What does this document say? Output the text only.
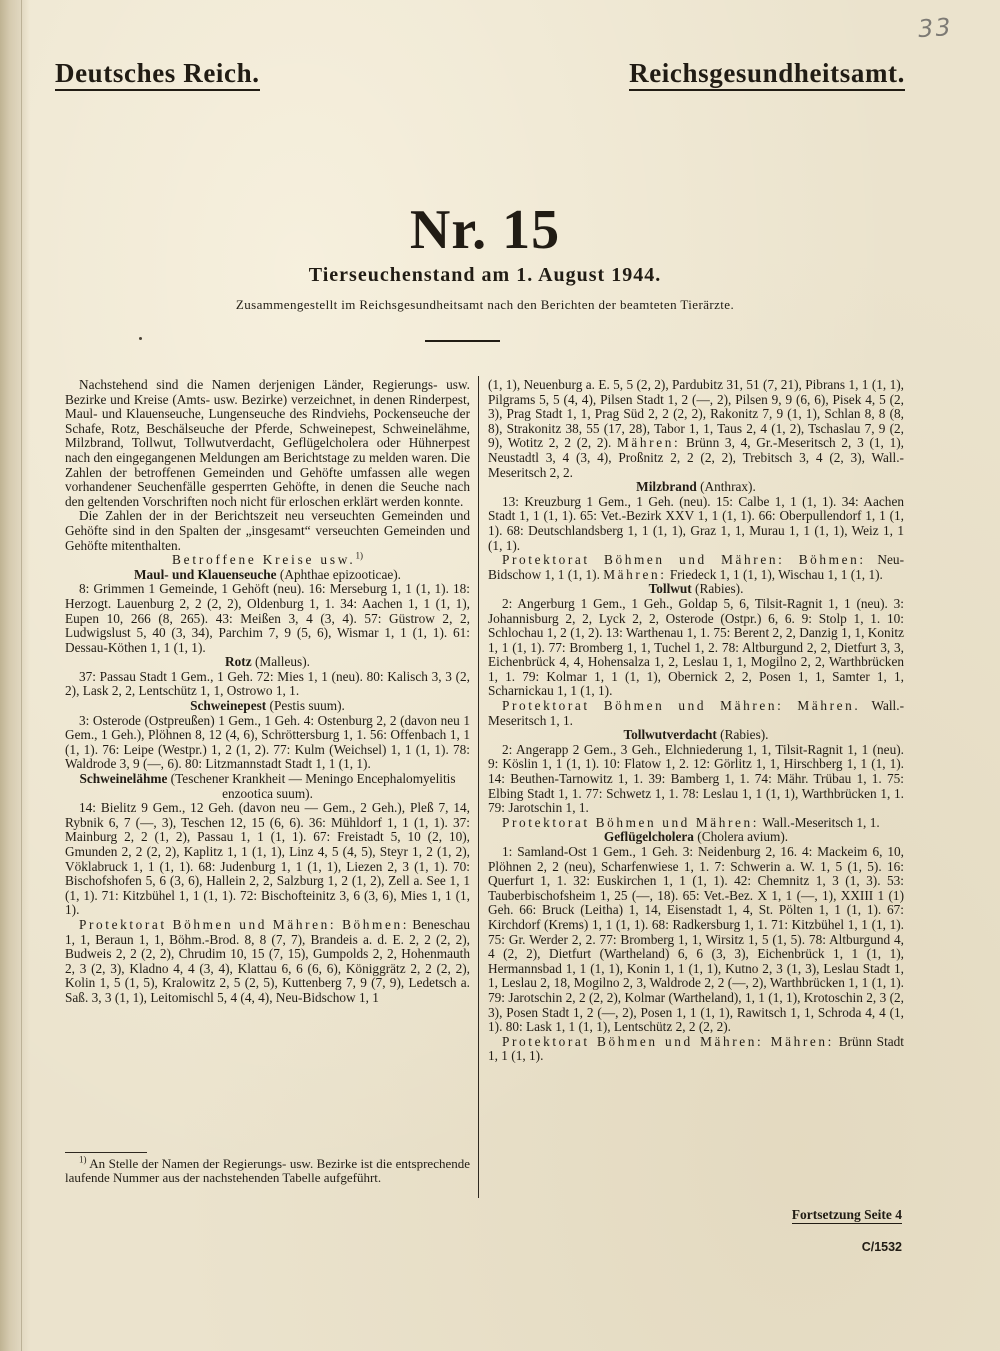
33
Deutsches Reich.	Reichsgesundheitsamt.
Nr. 15
Tierseuchenstand am 1. August 1944.
Zusammengestellt im Reichsgesundheitsamt nach den Berichten der beamteten Tierärzte.

Nachstehend sind die Namen derjenigen Länder, Regierungs- usw. Bezirke und Kreise (Amts- usw. Bezirke) verzeichnet, in denen Rinderpest, Maul- und Klauenseuche, Lungenseuche des Rindviehs, Pockenseuche der Schafe, Rotz, Beschälseuche der Pferde, Schweinepest, Schweinelähme, Milzbrand, Tollwut, Tollwutverdacht, Geflügelcholera oder Hühnerpest nach den eingegangenen Meldungen am Berichtstage zu melden waren. Die Zahlen der betroffenen Gemeinden und Gehöfte umfassen alle wegen vorhandener Seuchenfälle gesperrten Gehöfte, in denen die Seuche nach den geltenden Vorschriften noch nicht für erloschen erklärt werden konnte.

Die Zahlen der in der Berichtszeit neu verseuchten Gemeinden und Gehöfte sind in den Spalten der „insgesamt“ verseuchten Gemeinden und Gehöfte mitenthalten.

Betroffene Kreise usw.$^{1)}$

Maul- und Klauenseuche (Aphthae epizooticae).

8: Grimmen 1 Gemeinde, 1 Gehöft (neu). 16: Merseburg 1, 1 (1, 1). 18: Herzogt. Lauenburg 2, 2 (2, 2), Oldenburg 1, 1. 34: Aachen 1, 1 (1, 1), Eupen 10, 266 (8, 265). 43: Meißen 3, 4 (3, 4). 57: Güstrow 2, 2, Ludwigslust 5, 40 (3, 34), Parchim 7, 9 (5, 6), Wismar 1, 1 (1, 1). 61: Dessau-Köthen 1, 1 (1, 1).

Rotz (Malleus).

37: Passau Stadt 1 Gem., 1 Geh. 72: Mies 1, 1 (neu). 80: Kalisch 3, 3 (2, 2), Lask 2, 2, Lentschütz 1, 1, Ostrowo 1, 1.

Schweinepest (Pestis suum).

3: Osterode (Ostpreußen) 1 Gem., 1 Geh. 4: Ostenburg 2, 2 (davon neu 1 Gem., 1 Geh.), Plöhnen 8, 12 (4, 6), Schröttersburg 1, 1. 56: Offenbach 1, 1 (1, 1). 76: Leipe (Westpr.) 1, 2 (1, 2). 77: Kulm (Weichsel) 1, 1 (1, 1). 78: Waldrode 3, 9 (—, 6). 80: Litzmannstadt Stadt 1, 1 (1, 1).

Schweinelähme (Teschener Krankheit — Meningo Encephalomyelitis enzootica suum).

14: Bielitz 9 Gem., 12 Geh. (davon neu — Gem., 2 Geh.), Pleß 7, 14, Rybnik 6, 7 (—, 3), Teschen 12, 15 (6, 6). 36: Mühldorf 1, 1 (1, 1). 37: Mainburg 2, 2 (1, 2), Passau 1, 1 (1, 1). 67: Freistadt 5, 10 (2, 10), Gmunden 2, 2 (2, 2), Kaplitz 1, 1 (1, 1), Linz 4, 5 (4, 5), Steyr 1, 2 (1, 2), Vöklabruck 1, 1 (1, 1). 68: Judenburg 1, 1 (1, 1), Liezen 2, 3 (1, 1). 70: Bischofshofen 5, 6 (3, 6), Hallein 2, 2, Salzburg 1, 2 (1, 2), Zell a. See 1, 1 (1, 1). 71: Kitzbühel 1, 1 (1, 1). 72: Bischofteinitz 3, 6 (3, 6), Mies 1, 1 (1, 1).

Protektorat Böhmen und Mähren: Böhmen: Beneschau 1, 1, Beraun 1, 1, Böhm.-Brod. 8, 8 (7, 7), Brandeis a. d. E. 2, 2 (2, 2), Budweis 2, 2 (2, 2), Chrudim 10, 15 (7, 15), Gumpolds 2, 2, Hohenmauth 2, 3 (2, 3), Kladno 4, 4 (3, 4), Klattau 6, 6 (6, 6), Königgrätz 2, 2 (2, 2), Kolin 1, 5 (1, 5), Kralowitz 2, 5 (2, 5), Kuttenberg 7, 9 (7, 9), Ledetsch a. Saß. 3, 3 (1, 1), Leitomischl 5, 4 (4, 4), Neu-Bidschow 1, 1

$^{1)}$ An Stelle der Namen der Regierungs- usw. Bezirke ist die entsprechende laufende Nummer aus der nachstehenden Tabelle aufgeführt.

(1, 1), Neuenburg a. E. 5, 5 (2, 2), Pardubitz 31, 51 (7, 21), Pibrans 1, 1 (1, 1), Pilgrams 5, 5 (4, 4), Pilsen Stadt 1, 2 (—, 2), Pilsen 9, 9 (6, 6), Pisek 4, 5 (2, 3), Prag Stadt 1, 1, Prag Süd 2, 2 (2, 2), Rakonitz 7, 9 (1, 1), Schlan 8, 8 (8, 8), Strakonitz 38, 55 (17, 28), Tabor 1, 1, Taus 2, 4 (1, 2), Tschaslau 7, 9 (2, 9), Wotitz 2, 2 (2, 2). Mähren: Brünn 3, 4, Gr.-Meseritsch 2, 3 (1, 1), Neustadtl 3, 4 (3, 4), Proßnitz 2, 2 (2, 2), Trebitsch 3, 4 (2, 3), Wall.-Meseritsch 2, 2.

Milzbrand (Anthrax).

13: Kreuzburg 1 Gem., 1 Geh. (neu). 15: Calbe 1, 1 (1, 1). 34: Aachen Stadt 1, 1 (1, 1). 65: Vet.-Bezirk XXV 1, 1 (1, 1). 66: Oberpullendorf 1, 1 (1, 1). 68: Deutschlandsberg 1, 1 (1, 1), Graz 1, 1, Murau 1, 1 (1, 1), Weiz 1, 1 (1, 1).

Protektorat Böhmen und Mähren: Böhmen: Neu-Bidschow 1, 1 (1, 1). Mähren: Friedeck 1, 1 (1, 1), Wischau 1, 1 (1, 1).

Tollwut (Rabies).

2: Angerburg 1 Gem., 1 Geh., Goldap 5, 6, Tilsit-Ragnit 1, 1 (neu). 3: Johannisburg 2, 2, Lyck 2, 2, Osterode (Ostpr.) 6, 6. 9: Stolp 1, 1. 10: Schlochau 1, 2 (1, 2). 13: Warthenau 1, 1. 75: Berent 2, 2, Danzig 1, 1, Konitz 1, 1 (1, 1). 77: Bromberg 1, 1, Tuchel 1, 2. 78: Altburgund 2, 2, Dietfurt 3, 3, Eichenbrück 4, 4, Hohensalza 1, 2, Leslau 1, 1, Mogilno 2, 2, Warthbrücken 1, 1. 79: Kolmar 1, 1 (1, 1), Obernick 2, 2, Posen 1, 1, Samter 1, 1, Scharnickau 1, 1 (1, 1).

Protektorat Böhmen und Mähren: Mähren. Wall.-Meseritsch 1, 1.

Tollwutverdacht (Rabies).

2: Angerapp 2 Gem., 3 Geh., Elchniederung 1, 1, Tilsit-Ragnit 1, 1 (neu). 9: Köslin 1, 1 (1, 1). 10: Flatow 1, 2. 12: Görlitz 1, 1, Hirschberg 1, 1 (1, 1). 14: Beuthen-Tarnowitz 1, 1. 39: Bamberg 1, 1. 74: Mähr. Trübau 1, 1. 75: Elbing Stadt 1, 1. 77: Schwetz 1, 1. 78: Leslau 1, 1 (1, 1), Warthbrücken 1, 1. 79: Jarotschin 1, 1.

Protektorat Böhmen und Mähren: Wall.-Meseritsch 1, 1.

Geflügelcholera (Cholera avium).

1: Samland-Ost 1 Gem., 1 Geh. 3: Neidenburg 2, 16. 4: Mackeim 6, 10, Plöhnen 2, 2 (neu), Scharfenwiese 1, 1. 7: Schwerin a. W. 1, 5 (1, 5). 16: Querfurt 1, 1. 32: Euskirchen 1, 1 (1, 1). 42: Chemnitz 1, 3 (1, 3). 53: Tauberbischofsheim 1, 25 (—, 18). 65: Vet.-Bez. X 1, 1 (—, 1), XXIII 1 (1) Geh. 66: Bruck (Leitha) 1, 14, Eisenstadt 1, 4, St. Pölten 1, 1 (1, 1). 67: Kirchdorf (Krems) 1, 1 (1, 1). 68: Radkersburg 1, 1. 71: Kitzbühel 1, 1 (1, 1). 75: Gr. Werder 2, 2. 77: Bromberg 1, 1, Wirsitz 1, 5 (1, 5). 78: Altburgund 4, 4 (2, 2), Dietfurt (Wartheland) 6, 6 (3, 3), Eichenbrück 1, 1 (1, 1), Hermannsbad 1, 1 (1, 1), Konin 1, 1 (1, 1), Kutno 2, 3 (1, 3), Leslau Stadt 1, 1, Leslau 2, 18, Mogilno 2, 3, Waldrode 2, 2 (—, 2), Warthbrücken 1, 1 (1, 1). 79: Jarotschin 2, 2 (2, 2), Kolmar (Wartheland), 1, 1 (1, 1), Krotoschin 2, 3 (2, 3), Posen Stadt 1, 2 (—, 2), Posen 1, 1 (1, 1), Rawitsch 1, 1, Schroda 4, 4 (1, 1). 80: Lask 1, 1 (1, 1), Lentschütz 2, 2 (2, 2).

Protektorat Böhmen und Mähren: Mähren: Brünn Stadt 1, 1 (1, 1).

Fortsetzung Seite 4
C/1532
